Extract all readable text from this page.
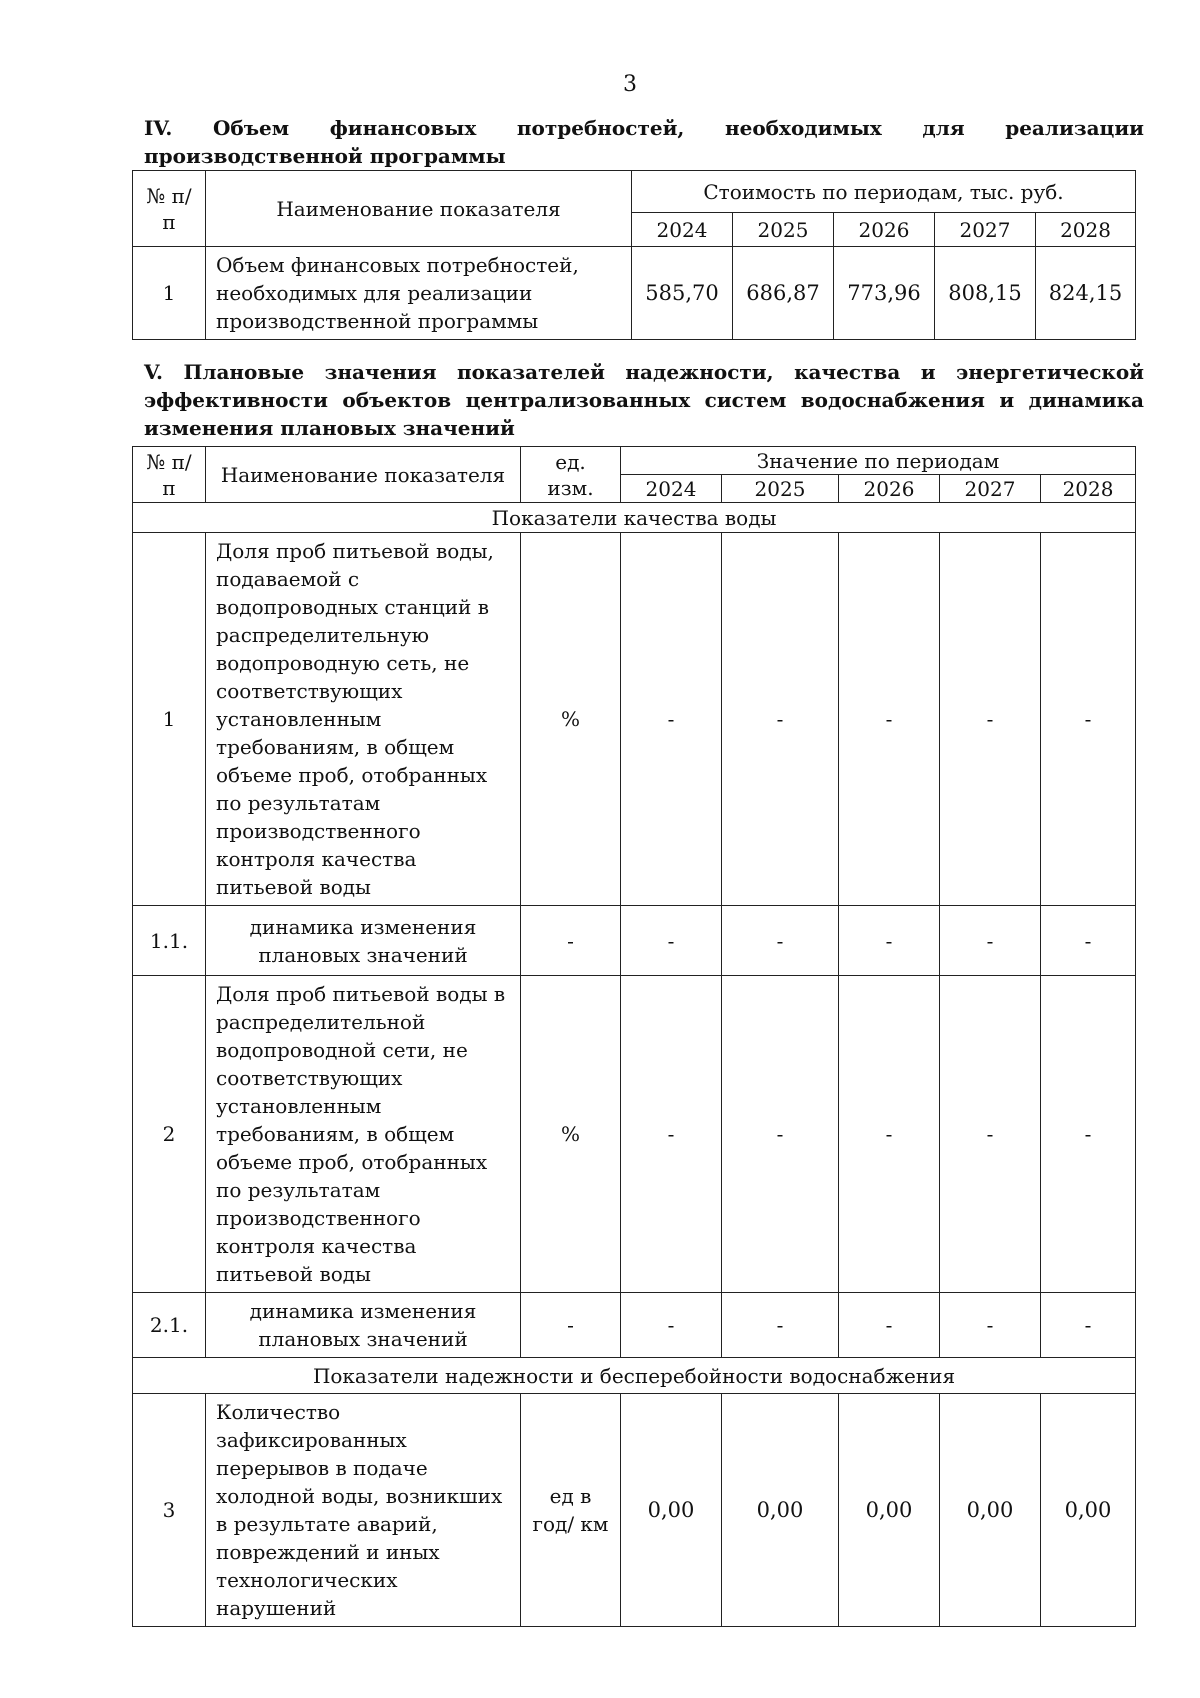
3
IV. Объем финансовых потребностей, необходимых для реализации производственной программы
№ п/п	Наименование показателя	Стоимость по периодам, тыс. руб.				
		2024	2025	2026	2027	2028
1	Объем финансовых потребностей, необходимых для реализации производственной программы	585,70	686,87	773,96	808,15	824,15
V. Плановые значения показателей надежности, качества и энергетической эффективности объектов централизованных систем водоснабжения и динамика изменения плановых значений
№ п/п	Наименование показателя	ед. изм.	Значение по периодам				
			2024	2025	2026	2027	2028
Показатели качества воды							
1	Доля проб питьевой воды, подаваемой с водопроводных станций в распределительную водопроводную сеть, не соответствующих установленным требованиям, в общем объеме проб, отобранных по результатам производственного контроля качества питьевой воды	%	-	-	-	-	-
1.1.	динамика изменения плановых значений	-	-	-	-	-	-
2	Доля проб питьевой воды в распределительной водопроводной сети, не соответствующих установленным требованиям, в общем объеме проб, отобранных по результатам производственного контроля качества питьевой воды	%	-	-	-	-	-
2.1.	динамика изменения плановых значений	-	-	-	-	-	-
Показатели надежности и бесперебойности водоснабжения							
3	Количество зафиксированных перерывов в подаче холодной воды, возникших в результате аварий, повреждений и иных технологических нарушений	ед в год/ км	0,00	0,00	0,00	0,00	0,00
